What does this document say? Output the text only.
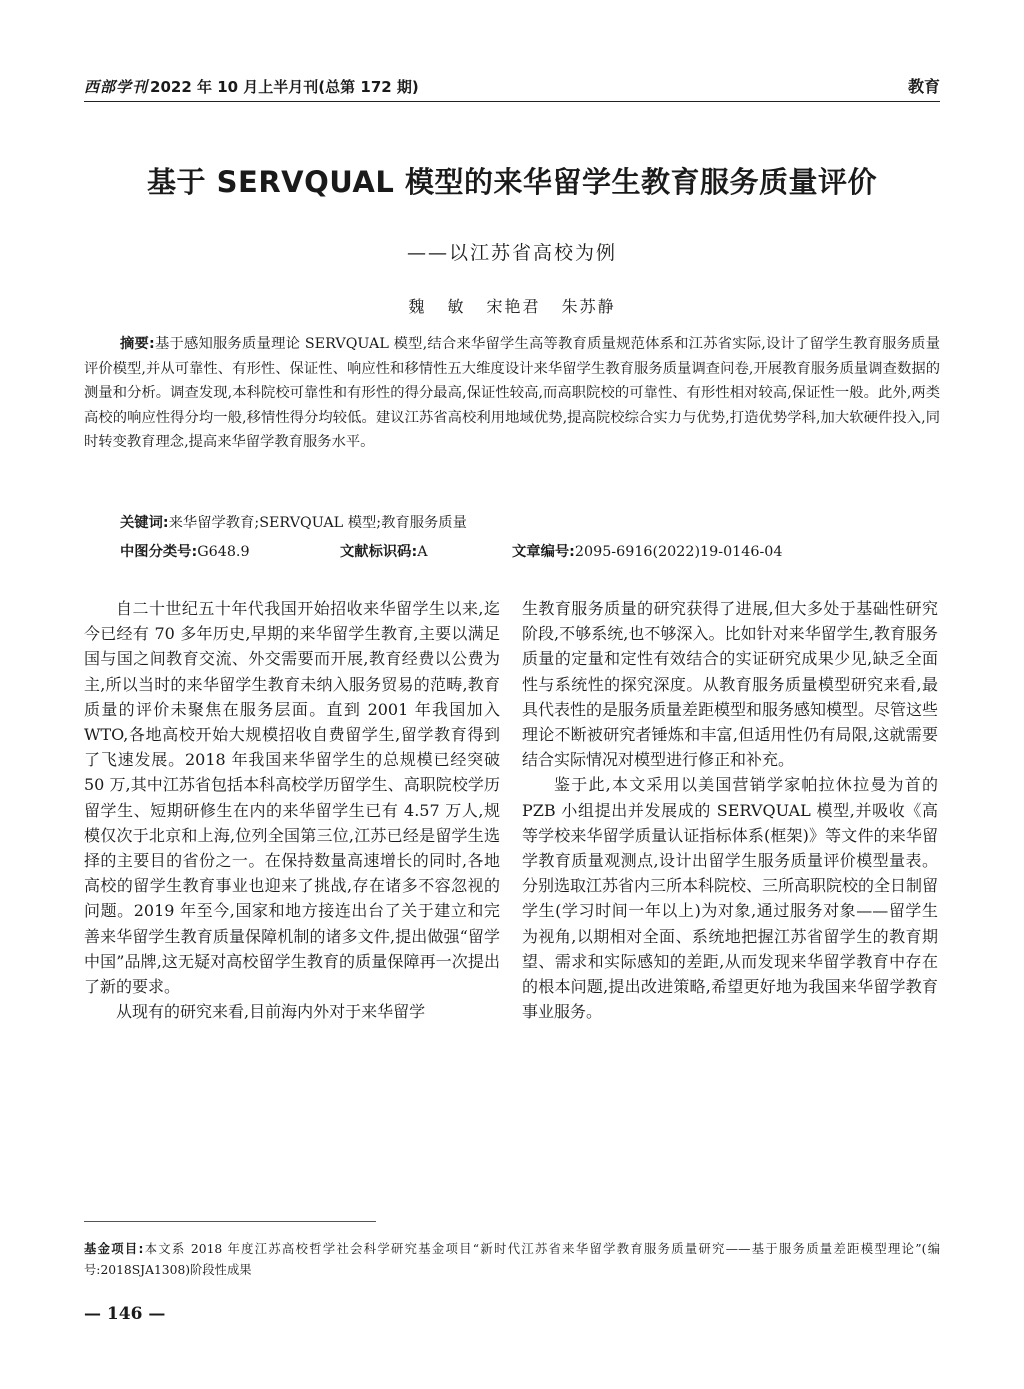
西部学刊 2022 年 10 月上半月刊(总第 172 期)	教育
基于 SERVQUAL 模型的来华留学生教育服务质量评价
——以江苏省高校为例
魏 敏 宋艳君 朱苏静

摘要:基于感知服务质量理论 SERVQUAL 模型,结合来华留学生高等教育质量规范体系和江苏省实际,设计了留学生教育服务质量评价模型,并从可靠性、有形性、保证性、响应性和移情性五大维度设计来华留学生教育服务质量调查问卷,开展教育服务质量调查数据的测量和分析。调查发现,本科院校可靠性和有形性的得分最高,保证性较高,而高职院校的可靠性、有形性相对较高,保证性一般。此外,两类高校的响应性得分均一般,移情性得分均较低。建议江苏省高校利用地域优势,提高院校综合实力与优势,打造优势学科,加大软硬件投入,同时转变教育理念,提高来华留学教育服务水平。

关键词:来华留学教育;SERVQUAL 模型;教育服务质量
中图分类号:G648.9	文献标识码:A	文章编号:2095-6916(2022)19-0146-04

自二十世纪五十年代我国开始招收来华留学生以来,迄今已经有 70 多年历史,早期的来华留学生教育,主要以满足国与国之间教育交流、外交需要而开展,教育经费以公费为主,所以当时的来华留学生教育未纳入服务贸易的范畴,教育质量的评价未聚焦在服务层面。直到 2001 年我国加入 WTO,各地高校开始大规模招收自费留学生,留学教育得到了飞速发展。2018 年我国来华留学生的总规模已经突破 50 万,其中江苏省包括本科高校学历留学生、高职院校学历留学生、短期研修生在内的来华留学生已有 4.57 万人,规模仅次于北京和上海,位列全国第三位,江苏已经是留学生选择的主要目的省份之一。在保持数量高速增长的同时,各地高校的留学生教育事业也迎来了挑战,存在诸多不容忽视的问题。2019 年至今,国家和地方接连出台了关于建立和完善来华留学生教育质量保障机制的诸多文件,提出做强“留学中国”品牌,这无疑对高校留学生教育的质量保障再一次提出了新的要求。

从现有的研究来看,目前海内外对于来华留学

生教育服务质量的研究获得了进展,但大多处于基础性研究阶段,不够系统,也不够深入。比如针对来华留学生,教育服务质量的定量和定性有效结合的实证研究成果少见,缺乏全面性与系统性的探究深度。从教育服务质量模型研究来看,最具代表性的是服务质量差距模型和服务感知模型。尽管这些理论不断被研究者锤炼和丰富,但适用性仍有局限,这就需要结合实际情况对模型进行修正和补充。

鉴于此,本文采用以美国营销学家帕拉休拉曼为首的 PZB 小组提出并发展成的 SERVQUAL 模型,并吸收《高等学校来华留学质量认证指标体系(框架)》等文件的来华留学教育质量观测点,设计出留学生服务质量评价模型量表。分别选取江苏省内三所本科院校、三所高职院校的全日制留学生(学习时间一年以上)为对象,通过服务对象——留学生为视角,以期相对全面、系统地把握江苏省留学生的教育期望、需求和实际感知的差距,从而发现来华留学教育中存在的根本问题,提出改进策略,希望更好地为我国来华留学教育事业服务。

基金项目:本文系 2018 年度江苏高校哲学社会科学研究基金项目“新时代江苏省来华留学教育服务质量研究——基于服务质量差距模型理论”(编号:2018SJA1308)阶段性成果
— 146 —
